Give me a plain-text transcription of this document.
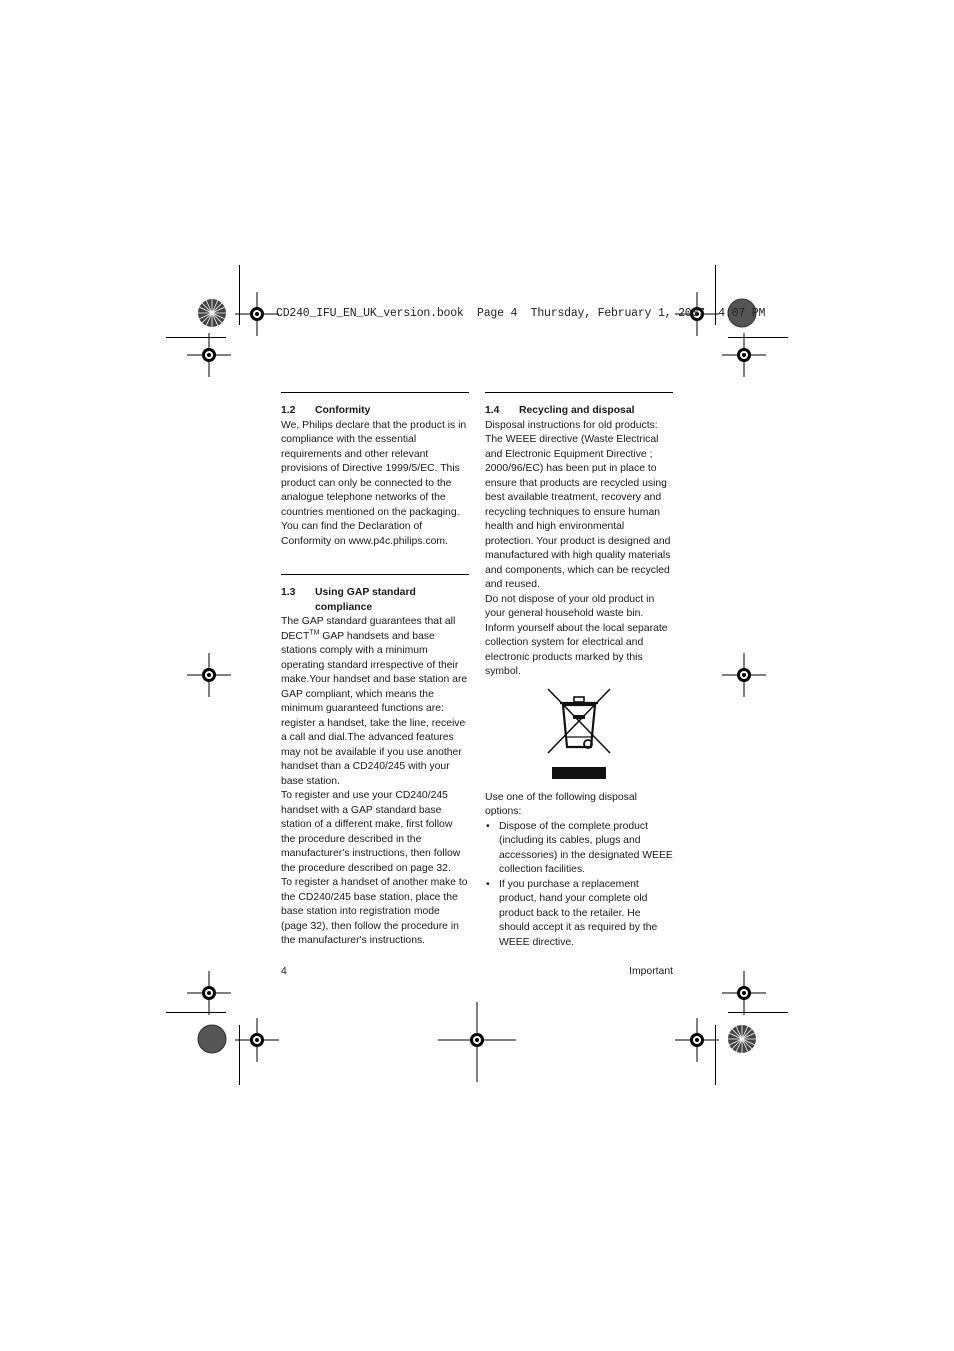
CD240_IFU_EN_UK_version.book  Page 4  Thursday, February 1, 2007  4:07 PM
1.2	Conformity

We, Philips declare that the product is in compliance with the essential requirements and other relevant provisions of Directive 1999/5/EC. This product can only be connected to the analogue telephone networks of the countries mentioned on the packaging.

You can find the Declaration of Conformity on www.p4c.philips.com.

1.3	Using GAP standard compliance

The GAP standard guarantees that all DECT™ GAP handsets and base stations comply with a minimum operating standard irrespective of their make.Your handset and base station are GAP compliant, which means the minimum guaranteed functions are:

register a handset, take the line, receive a call and dial.The advanced features may not be available if you use another handset than a CD240/245 with your base station.

To register and use your CD240/245 handset with a GAP standard base station of a different make, first follow the procedure described in the manufacturer's instructions, then follow the procedure described on page 32.

To register a handset of another make to the CD240/245 base station, place the base station into registration mode (page 32), then follow the procedure in the manufacturer's instructions.

1.4	Recycling and disposal

Disposal instructions for old products: The WEEE directive (Waste Electrical and Electronic Equipment Directive ; 2000/96/EC) has been put in place to ensure that products are recycled using best available treatment, recovery and recycling techniques to ensure human health and high environmental protection. Your product is designed and manufactured with high quality materials and components, which can be recycled and reused.

Do not dispose of your old product in your general household waste bin.

Inform yourself about the local separate collection system for electrical and electronic products marked by this symbol.

Use one of the following disposal options:

• Dispose of the complete product (including its cables, plugs and accessories) in the designated WEEE collection facilities.
• If you purchase a replacement product, hand your complete old product back to the retailer. He should accept it as required by the WEEE directive.
4	Important
